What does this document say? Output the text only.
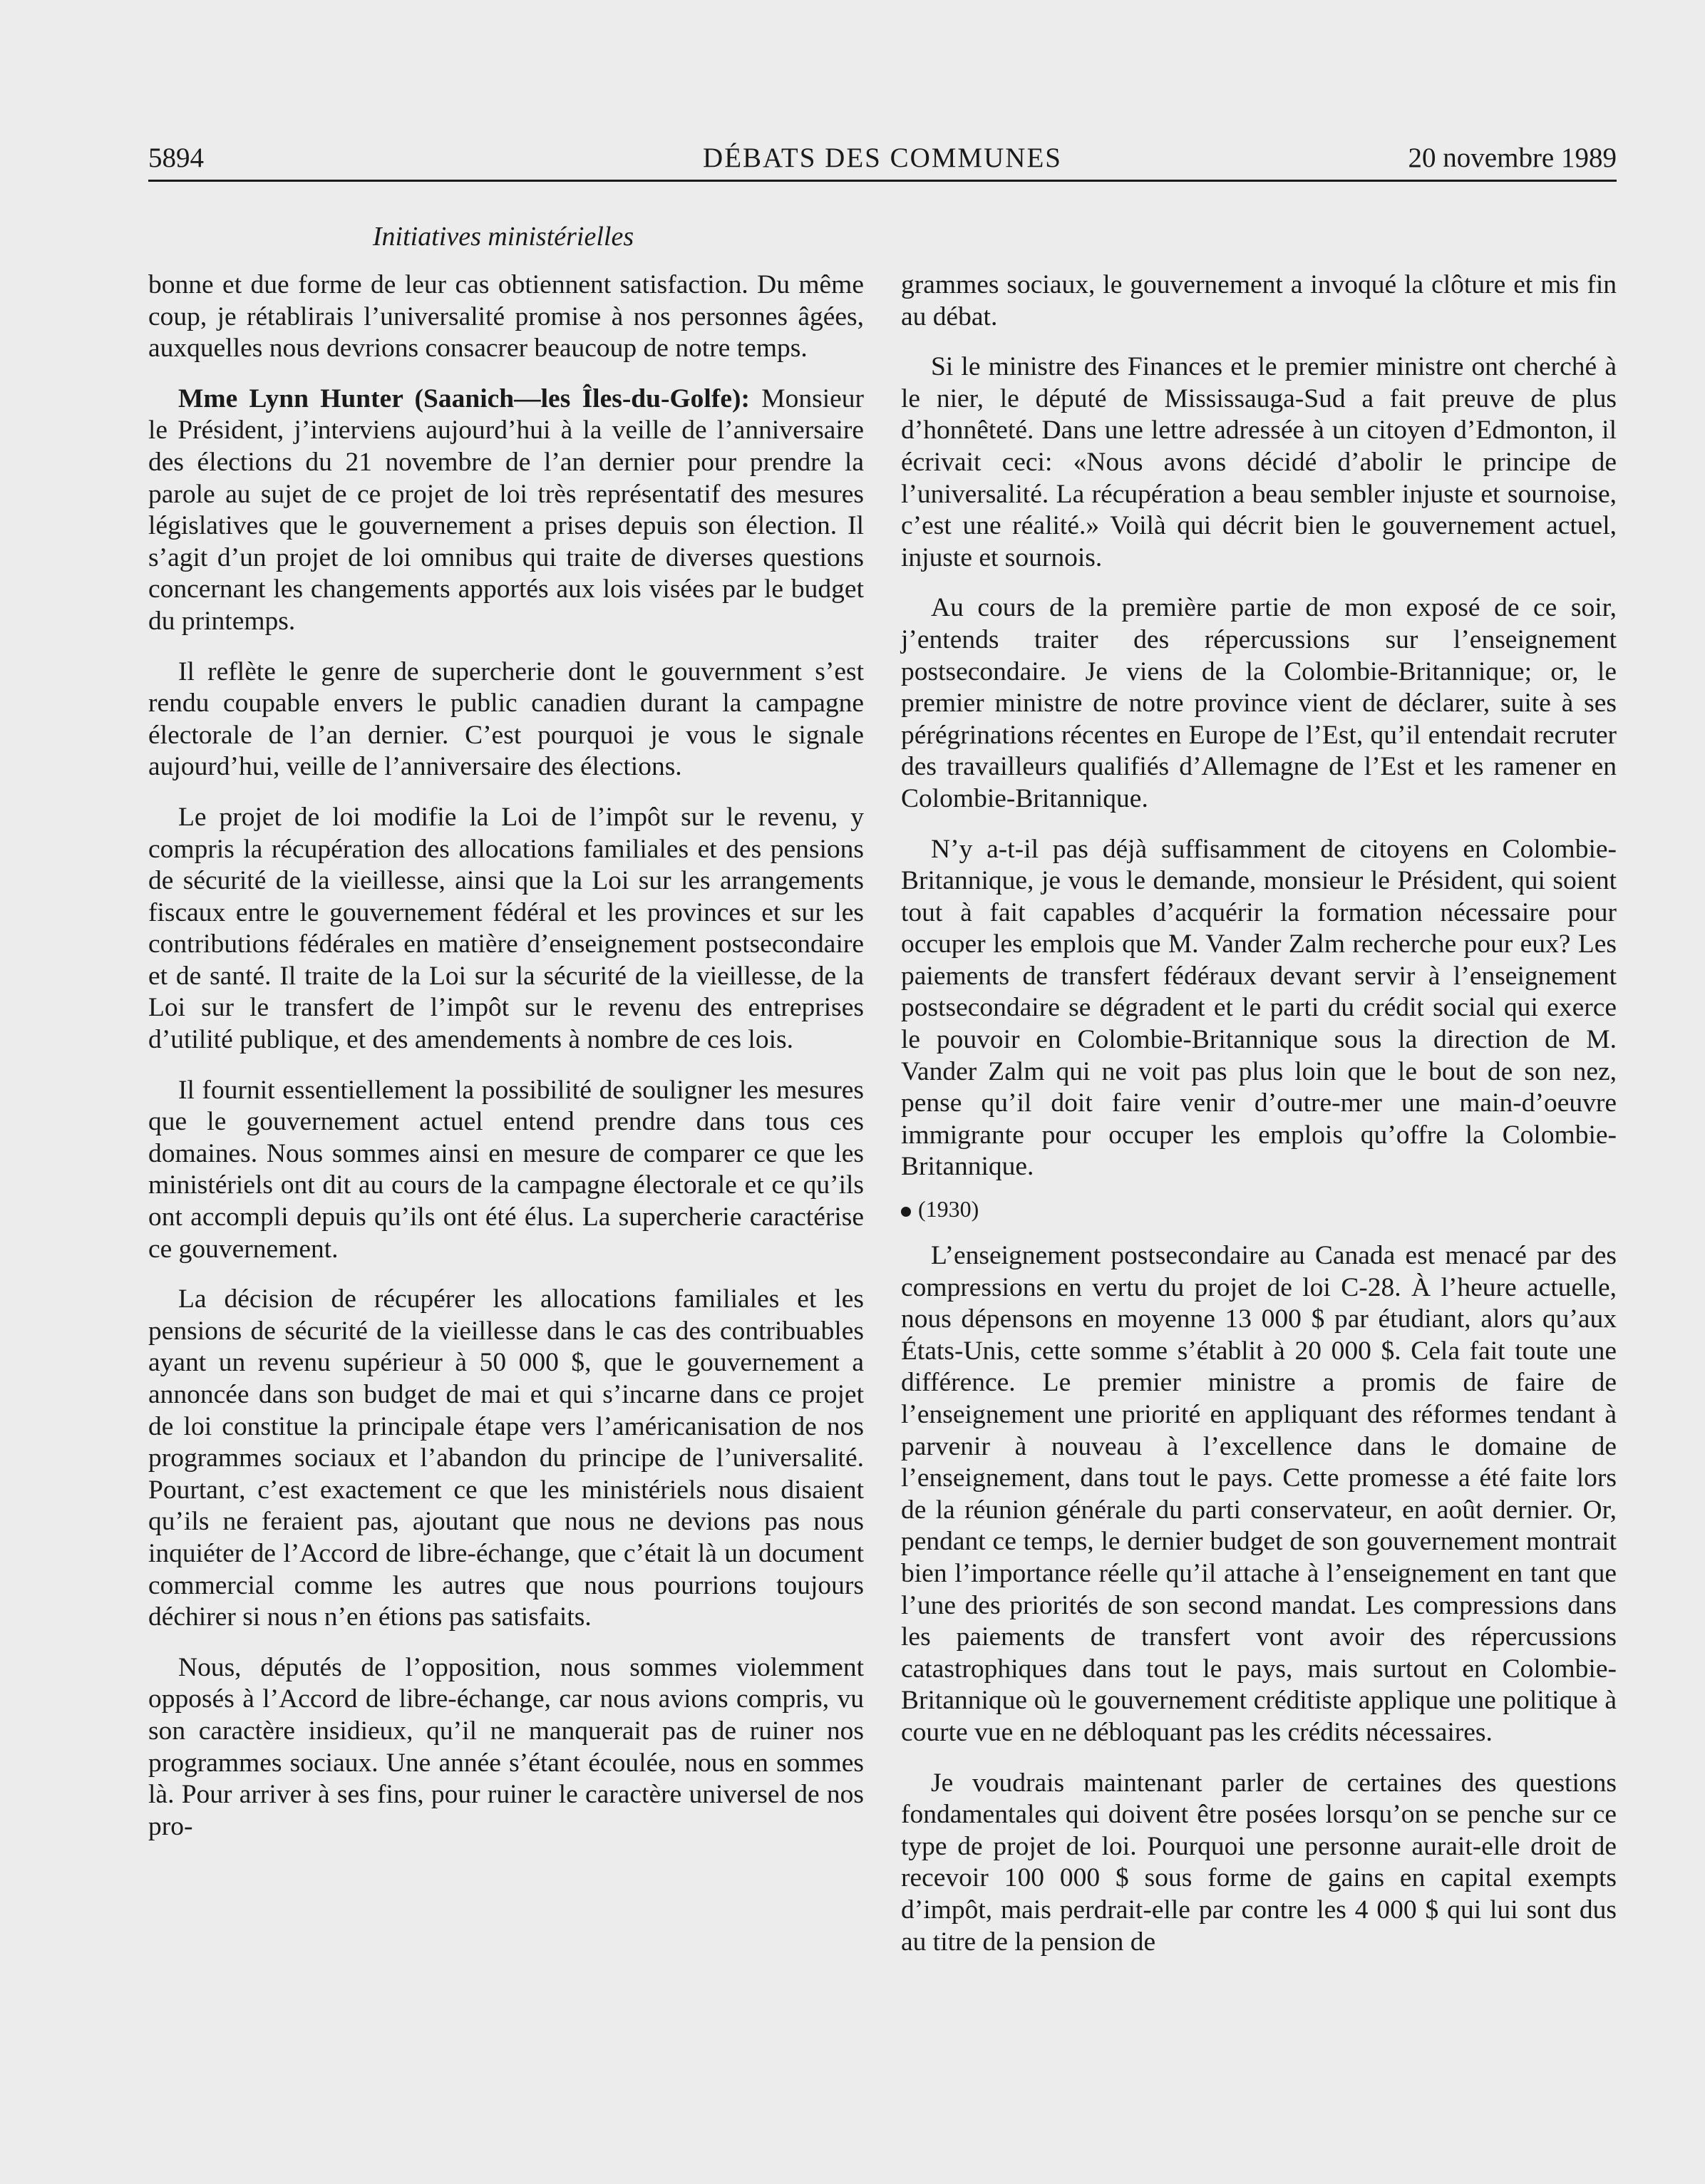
5894	DÉBATS DES COMMUNES	20 novembre 1989
Initiatives ministérielles

bonne et due forme de leur cas obtiennent satisfaction. Du même coup, je rétablirais l’universalité promise à nos personnes âgées, auxquelles nous devrions consacrer beaucoup de notre temps.

Mme Lynn Hunter (Saanich—les Îles-du-Golfe): Monsieur le Président, j’interviens aujourd’hui à la veille de l’anniversaire des élections du 21 novembre de l’an dernier pour prendre la parole au sujet de ce projet de loi très représentatif des mesures législatives que le gouvernement a prises depuis son élection. Il s’agit d’un projet de loi omnibus qui traite de diverses questions concernant les changements apportés aux lois visées par le budget du printemps.

Il reflète le genre de supercherie dont le gouvernment s’est rendu coupable envers le public canadien durant la campagne électorale de l’an dernier. C’est pourquoi je vous le signale aujourd’hui, veille de l’anniversaire des élections.

Le projet de loi modifie la Loi de l’impôt sur le revenu, y compris la récupération des allocations familiales et des pensions de sécurité de la vieillesse, ainsi que la Loi sur les arrangements fiscaux entre le gouvernement fédéral et les provinces et sur les contributions fédérales en matière d’enseignement postsecondaire et de santé. Il traite de la Loi sur la sécurité de la vieillesse, de la Loi sur le transfert de l’impôt sur le revenu des entreprises d’utilité publique, et des amendements à nombre de ces lois.

Il fournit essentiellement la possibilité de souligner les mesures que le gouvernement actuel entend prendre dans tous ces domaines. Nous sommes ainsi en mesure de comparer ce que les ministériels ont dit au cours de la campagne électorale et ce qu’ils ont accompli depuis qu’ils ont été élus. La supercherie caractérise ce gouvernement.

La décision de récupérer les allocations familiales et les pensions de sécurité de la vieillesse dans le cas des contribuables ayant un revenu supérieur à 50 000 $, que le gouvernement a annoncée dans son budget de mai et qui s’incarne dans ce projet de loi constitue la principale étape vers l’américanisation de nos programmes sociaux et l’abandon du principe de l’universalité. Pourtant, c’est exactement ce que les ministériels nous disaient qu’ils ne feraient pas, ajoutant que nous ne devions pas nous inquiéter de l’Accord de libre-échange, que c’était là un document commercial comme les autres que nous pourrions toujours déchirer si nous n’en étions pas satisfaits.

Nous, députés de l’opposition, nous sommes violemment opposés à l’Accord de libre-échange, car nous avions compris, vu son caractère insidieux, qu’il ne manquerait pas de ruiner nos programmes sociaux. Une année s’étant écoulée, nous en sommes là. Pour arriver à ses fins, pour ruiner le caractère universel de nos pro-

grammes sociaux, le gouvernement a invoqué la clôture et mis fin au débat.

Si le ministre des Finances et le premier ministre ont cherché à le nier, le député de Mississauga-Sud a fait preuve de plus d’honnêteté. Dans une lettre adressée à un citoyen d’Edmonton, il écrivait ceci: «Nous avons décidé d’abolir le principe de l’universalité. La récupération a beau sembler injuste et sournoise, c’est une réalité.» Voilà qui décrit bien le gouvernement actuel, injuste et sournois.

Au cours de la première partie de mon exposé de ce soir, j’entends traiter des répercussions sur l’enseignement postsecondaire. Je viens de la Colombie-Britannique; or, le premier ministre de notre province vient de déclarer, suite à ses pérégrinations récentes en Europe de l’Est, qu’il entendait recruter des travailleurs qualifiés d’Allemagne de l’Est et les ramener en Colombie-Britannique.

N’y a-t-il pas déjà suffisamment de citoyens en Colombie-Britannique, je vous le demande, monsieur le Président, qui soient tout à fait capables d’acquérir la formation nécessaire pour occuper les emplois que M. Vander Zalm recherche pour eux? Les paiements de transfert fédéraux devant servir à l’enseignement postsecondaire se dégradent et le parti du crédit social qui exerce le pouvoir en Colombie-Britannique sous la direction de M. Vander Zalm qui ne voit pas plus loin que le bout de son nez, pense qu’il doit faire venir d’outre-mer une main-d’oeuvre immigrante pour occuper les emplois qu’offre la Colombie-Britannique.

(1930)

L’enseignement postsecondaire au Canada est menacé par des compressions en vertu du projet de loi C-28. À l’heure actuelle, nous dépensons en moyenne 13 000 $ par étudiant, alors qu’aux États-Unis, cette somme s’établit à 20 000 $. Cela fait toute une différence. Le premier ministre a promis de faire de l’enseignement une priorité en appliquant des réformes tendant à parvenir à nouveau à l’excellence dans le domaine de l’enseignement, dans tout le pays. Cette promesse a été faite lors de la réunion générale du parti conservateur, en août dernier. Or, pendant ce temps, le dernier budget de son gouvernement montrait bien l’importance réelle qu’il attache à l’enseignement en tant que l’une des priorités de son second mandat. Les compressions dans les paiements de transfert vont avoir des répercussions catastrophiques dans tout le pays, mais surtout en Colombie-Britannique où le gouvernement créditiste applique une politique à courte vue en ne débloquant pas les crédits nécessaires.

Je voudrais maintenant parler de certaines des questions fondamentales qui doivent être posées lorsqu’on se penche sur ce type de projet de loi. Pourquoi une personne aurait-elle droit de recevoir 100 000 $ sous forme de gains en capital exempts d’impôt, mais perdrait-elle par contre les 4 000 $ qui lui sont dus au titre de la pension de
